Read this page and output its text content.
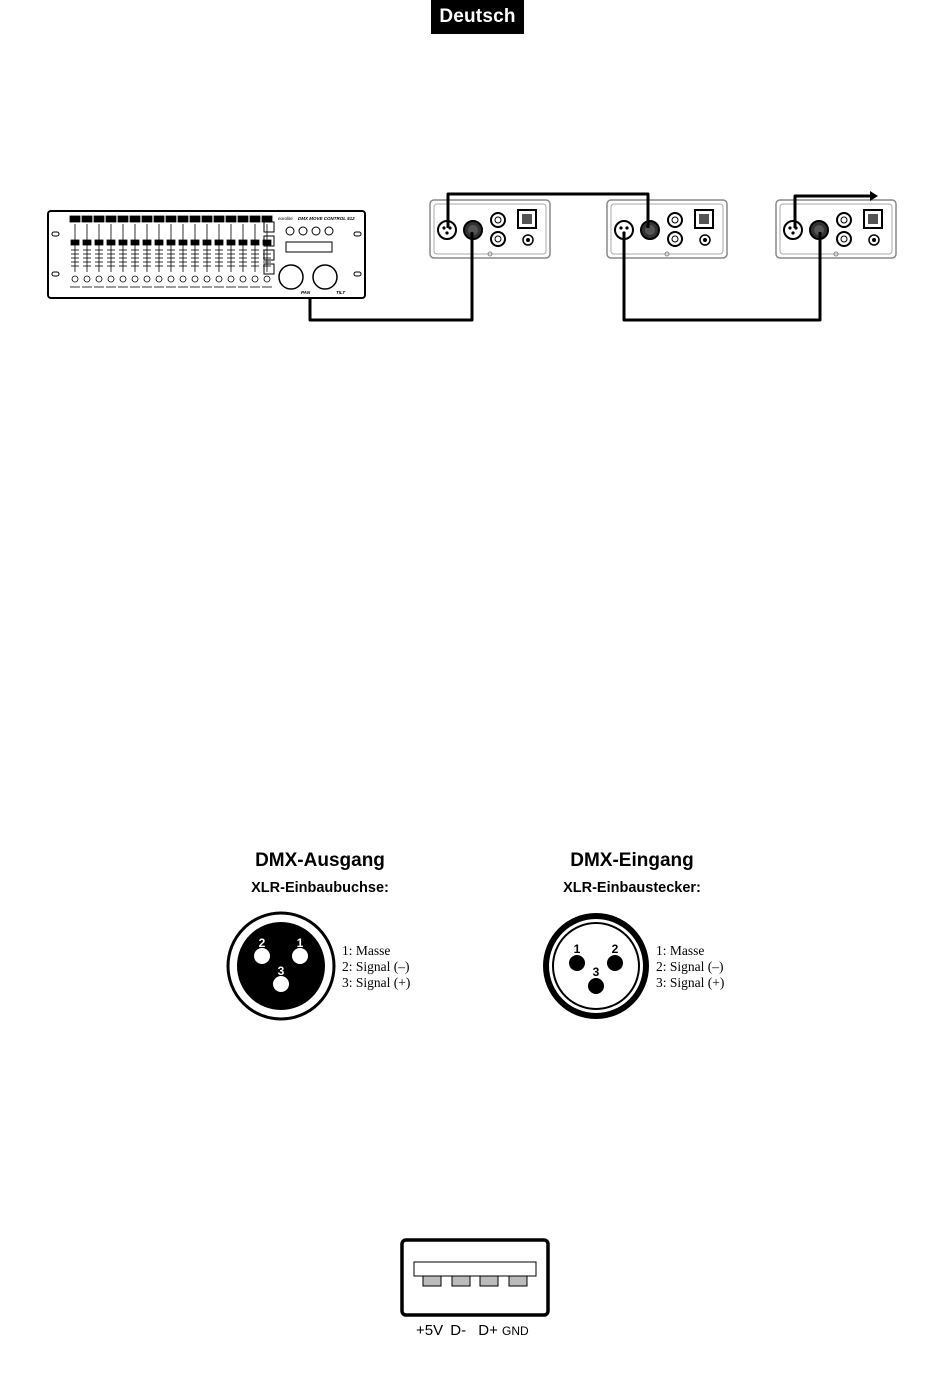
Deutsch
eurolite DMX MOVE CONTROL 512
PAN	TILT
DMX-Ausgang
XLR-Einbaubuchse:
2	1
3
1: Masse
2: Signal (–)
3: Signal (+)
DMX-Eingang
XLR-Einbaustecker:
1	2
3
1: Masse
2: Signal (–)
3: Signal (+)
+5V D- D+ GND
